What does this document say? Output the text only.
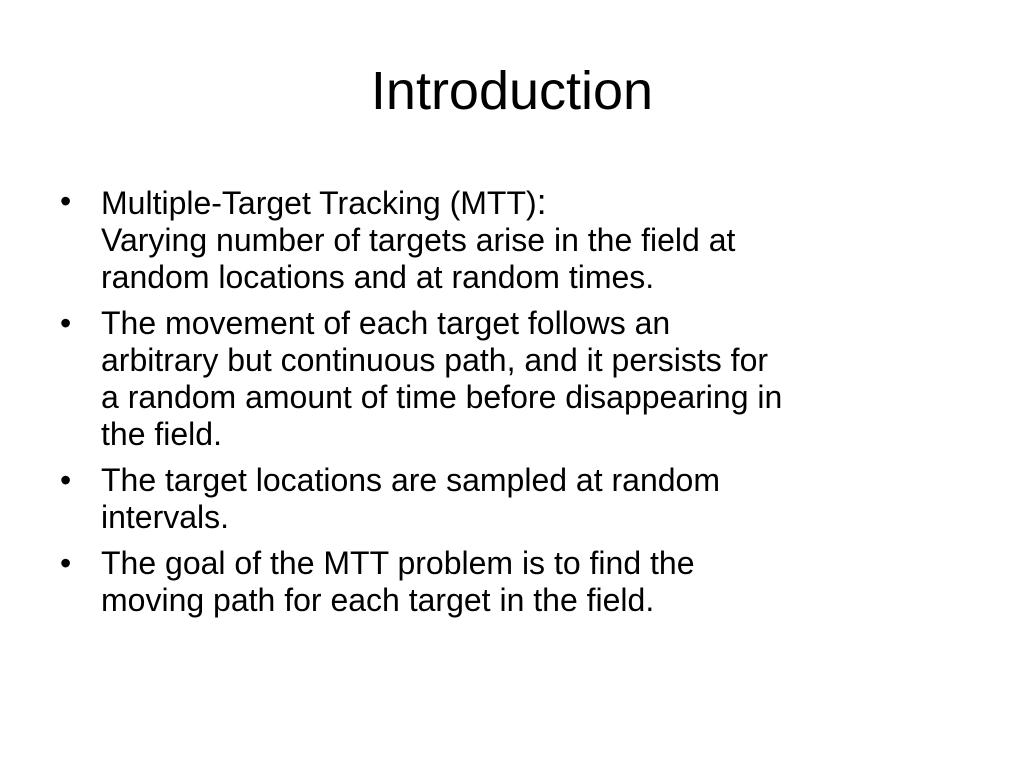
Introduction
• Multiple-Target Tracking (MTT):
Varying number of targets arise in the field at
random locations and at random times.
• The movement of each target follows an
arbitrary but continuous path, and it persists for
a random amount of time before disappearing in
the field.
• The target locations are sampled at random
intervals.
• The goal of the MTT problem is to find the
moving path for each target in the field.
